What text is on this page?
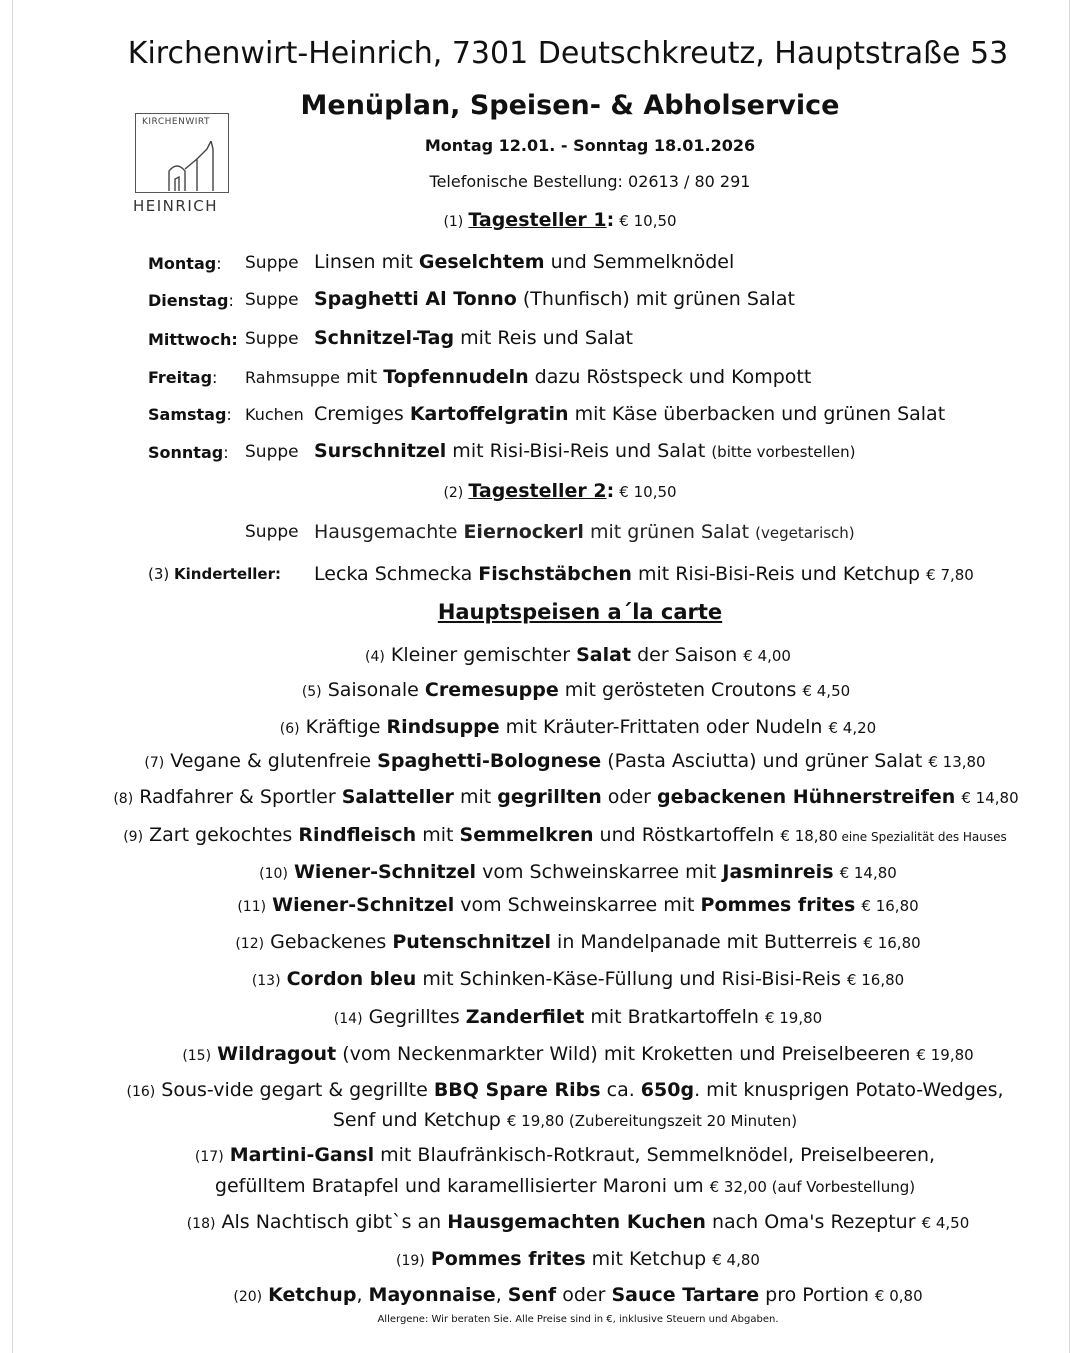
KIRCHENWIRT
HEINRICH
Kirchenwirt-Heinrich, 7301 Deutschkreutz, Hauptstraße 53
Menüplan, Speisen- & Abholservice
Montag 12.01. - Sonntag 18.01.2026
Telefonische Bestellung: 02613 / 80 291
(1) Tagesteller 1: € 10,50
Montag: Suppe Linsen mit Geselchtem und Semmelknödel
Dienstag: Suppe Spaghetti Al Tonno (Thunfisch) mit grünen Salat
Mittwoch: Suppe Schnitzel-Tag mit Reis und Salat
Freitag: Rahmsuppe mit Topfennudeln dazu Röstspeck und Kompott
Samstag: Kuchen Cremiges Kartoffelgratin mit Käse überbacken und grünen Salat
Sonntag: Suppe Surschnitzel mit Risi-Bisi-Reis und Salat (bitte vorbestellen)
(2) Tagesteller 2: € 10,50
Suppe Hausgemachte Eiernockerl mit grünen Salat (vegetarisch)
(3) Kinderteller: Lecka Schmecka Fischstäbchen mit Risi-Bisi-Reis und Ketchup € 7,80
Hauptspeisen a´la carte
(4) Kleiner gemischter Salat der Saison € 4,00
(5) Saisonale Cremesuppe mit gerösteten Croutons € 4,50
(6) Kräftige Rindsuppe mit Kräuter-Frittaten oder Nudeln € 4,20
(7) Vegane & glutenfreie Spaghetti-Bolognese (Pasta Asciutta) und grüner Salat € 13,80
(8) Radfahrer & Sportler Salatteller mit gegrillten oder gebackenen Hühnerstreifen € 14,80
(9) Zart gekochtes Rindfleisch mit Semmelkren und Röstkartoffeln € 18,80 eine Spezialität des Hauses
(10) Wiener-Schnitzel vom Schweinskarree mit Jasminreis € 14,80
(11) Wiener-Schnitzel vom Schweinskarree mit Pommes frites € 16,80
(12) Gebackenes Putenschnitzel in Mandelpanade mit Butterreis € 16,80
(13) Cordon bleu mit Schinken-Käse-Füllung und Risi-Bisi-Reis € 16,80
(14) Gegrilltes Zanderfilet mit Bratkartoffeln € 19,80
(15) Wildragout (vom Neckenmarkter Wild) mit Kroketten und Preiselbeeren € 19,80
(16) Sous-vide gegart & gegrillte BBQ Spare Ribs ca. 650g. mit knusprigen Potato-Wedges,
Senf und Ketchup € 19,80 (Zubereitungszeit 20 Minuten)
(17) Martini-Gansl mit Blaufränkisch-Rotkraut, Semmelknödel, Preiselbeeren,
gefülltem Bratapfel und karamellisierter Maroni um € 32,00 (auf Vorbestellung)
(18) Als Nachtisch gibt`s an Hausgemachten Kuchen nach Oma's Rezeptur € 4,50
(19) Pommes frites mit Ketchup € 4,80
(20) Ketchup, Mayonnaise, Senf oder Sauce Tartare pro Portion € 0,80
Allergene: Wir beraten Sie. Alle Preise sind in €, inklusive Steuern und Abgaben.
